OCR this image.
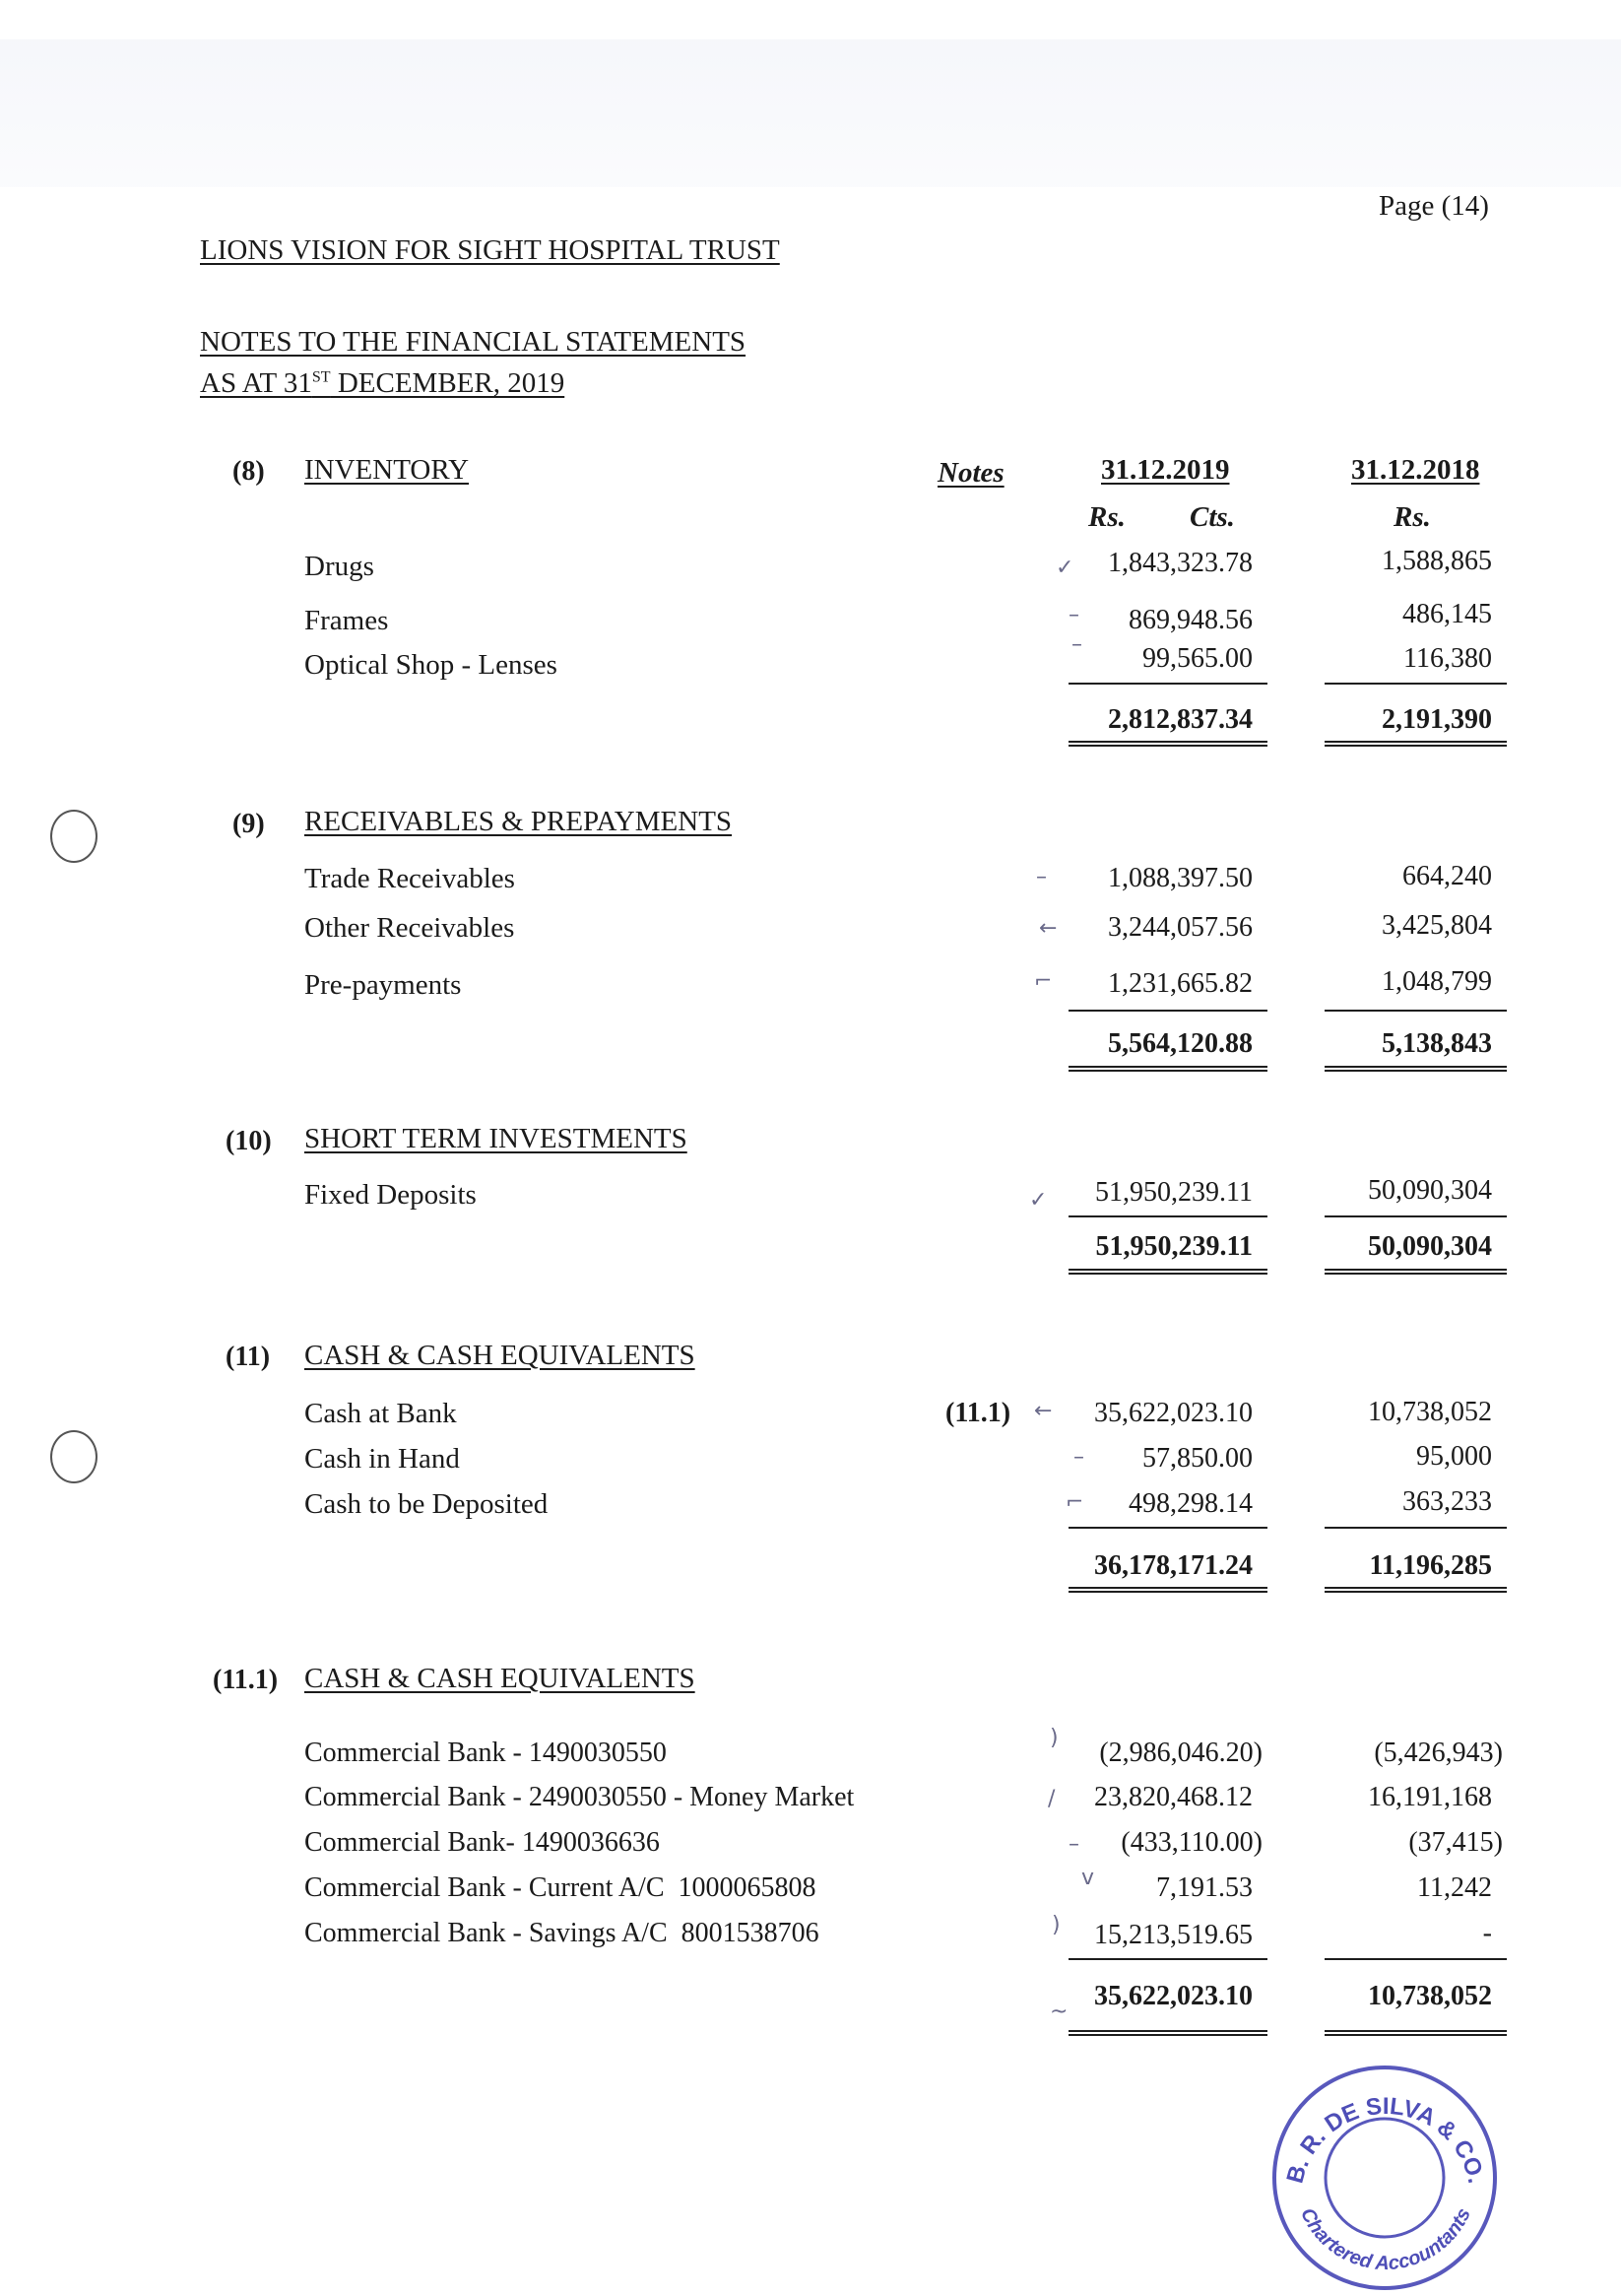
Page (14)
LIONS VISION FOR SIGHT HOSPITAL TRUST
NOTES TO THE FINANCIAL STATEMENTS
AS AT 31ST DECEMBER, 2019
Notes	31.12.2019	31.12.2018
Rs. Cts.	Rs.
(8) INVENTORY
Drugs	1,843,323.78	1,588,865
Frames	869,948.56	486,145
Optical Shop - Lenses	99,565.00	116,380
2,812,837.34	2,191,390
(9) RECEIVABLES & PREPAYMENTS
Trade Receivables	1,088,397.50	664,240
Other Receivables	3,244,057.56	3,425,804
Pre-payments	1,231,665.82	1,048,799
5,564,120.88	5,138,843
(10) SHORT TERM INVESTMENTS
Fixed Deposits	51,950,239.11	50,090,304
51,950,239.11	50,090,304
(11) CASH & CASH EQUIVALENTS
Cash at Bank	(11.1)	35,622,023.10	10,738,052
Cash in Hand	57,850.00	95,000
Cash to be Deposited	498,298.14	363,233
36,178,171.24	11,196,285
(11.1) CASH & CASH EQUIVALENTS
Commercial Bank - 1490030550	(2,986,046.20)	(5,426,943)
Commercial Bank - 2490030550 - Money Market	23,820,468.12	16,191,168
Commercial Bank- 1490036636	(433,110.00)	(37,415)
Commercial Bank - Current A/C  1000065808	7,191.53	11,242
Commercial Bank - Savings A/C  8001538706	15,213,519.65	-
35,622,023.10	10,738,052
✓
–
–
–
←
⌐
✓
←
–
⌐
)
/
–
v
)
~
B. R. DE SILVA & CO.
Chartered Accountants
